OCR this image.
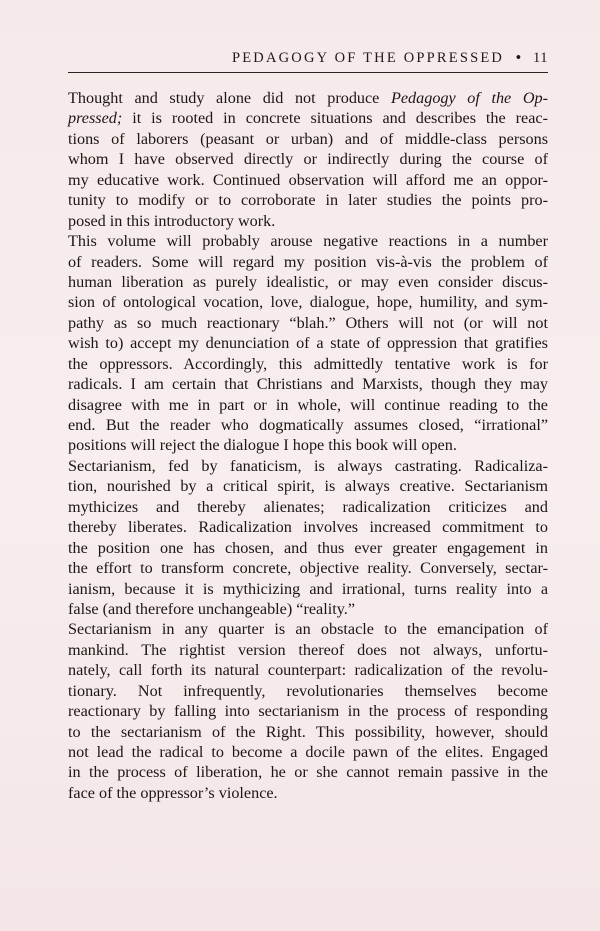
PEDAGOGY OF THE OPPRESSED • 11

Thought and study alone did not produce Pedagogy of the Op-
pressed; it is rooted in concrete situations and describes the reac-
tions of laborers (peasant or urban) and of middle-class persons
whom I have observed directly or indirectly during the course of
my educative work. Continued observation will afford me an oppor-
tunity to modify or to corroborate in later studies the points pro-
posed in this introductory work.

This volume will probably arouse negative reactions in a number
of readers. Some will regard my position vis-à-vis the problem of
human liberation as purely idealistic, or may even consider discus-
sion of ontological vocation, love, dialogue, hope, humility, and sym-
pathy as so much reactionary “blah.” Others will not (or will not
wish to) accept my denunciation of a state of oppression that gratifies
the oppressors. Accordingly, this admittedly tentative work is for
radicals. I am certain that Christians and Marxists, though they may
disagree with me in part or in whole, will continue reading to the
end. But the reader who dogmatically assumes closed, “irrational”
positions will reject the dialogue I hope this book will open.

Sectarianism, fed by fanaticism, is always castrating. Radicaliza-
tion, nourished by a critical spirit, is always creative. Sectarianism
mythicizes and thereby alienates; radicalization criticizes and
thereby liberates. Radicalization involves increased commitment to
the position one has chosen, and thus ever greater engagement in
the effort to transform concrete, objective reality. Conversely, sectar-
ianism, because it is mythicizing and irrational, turns reality into a
false (and therefore unchangeable) “reality.”

Sectarianism in any quarter is an obstacle to the emancipation of
mankind. The rightist version thereof does not always, unfortu-
nately, call forth its natural counterpart: radicalization of the revolu-
tionary. Not infrequently, revolutionaries themselves become
reactionary by falling into sectarianism in the process of responding
to the sectarianism of the Right. This possibility, however, should
not lead the radical to become a docile pawn of the elites. Engaged
in the process of liberation, he or she cannot remain passive in the
face of the oppressor’s violence.
